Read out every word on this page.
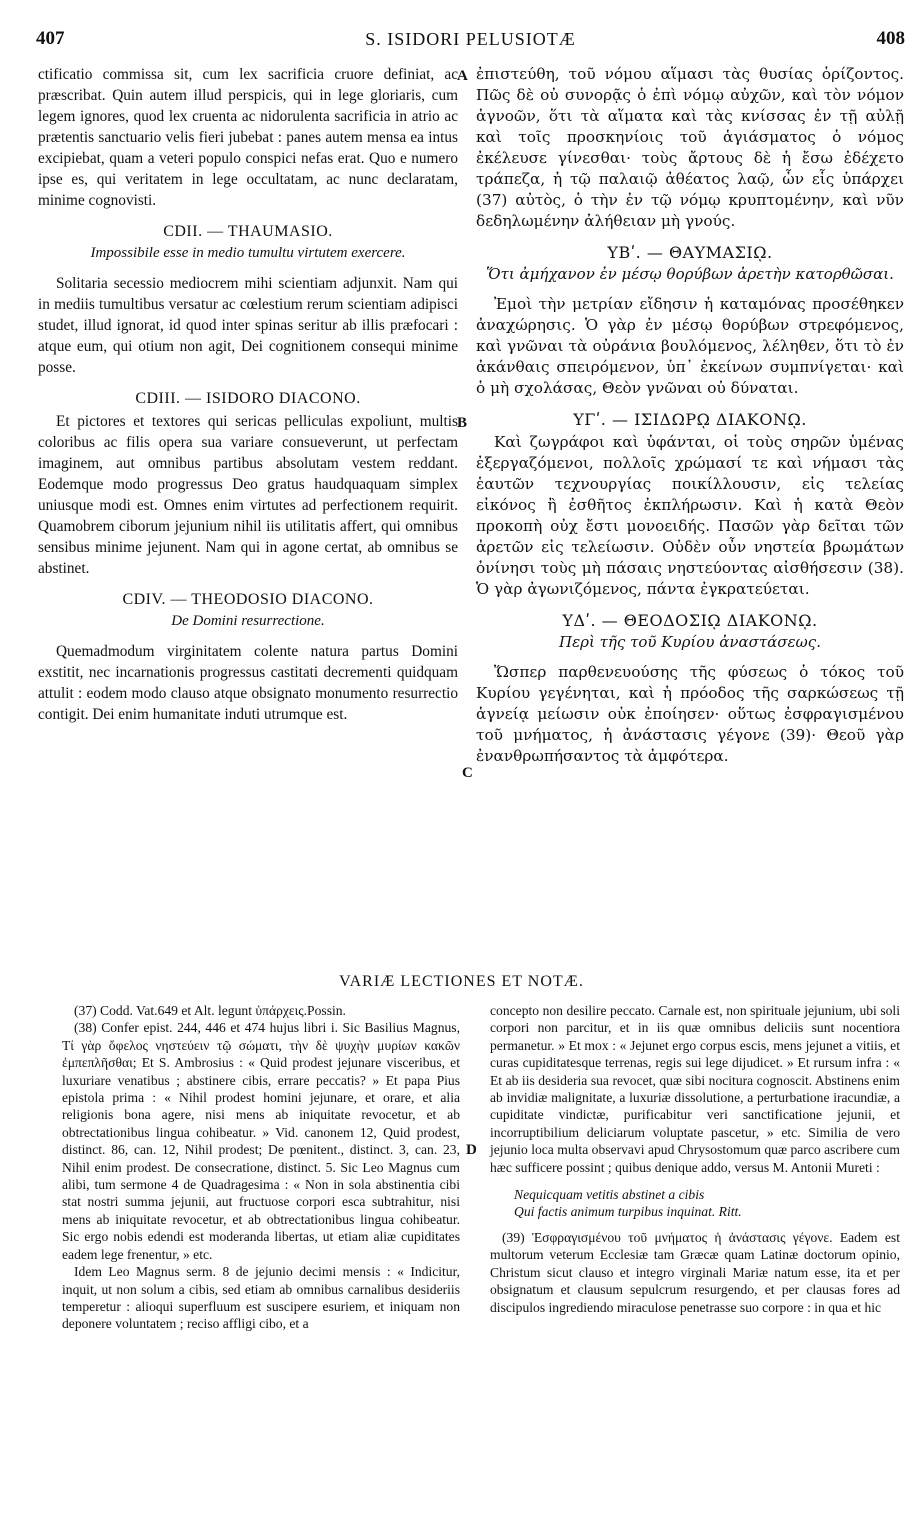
407	S. ISIDORI PELUSIOTÆ	408
A
B
C
D

ctificatio commissa sit, cum lex sacrificia cruore definiat, ac præscribat. Quin autem illud perspicis, qui in lege gloriaris, cum legem ignores, quod lex cruenta ac nidorulenta sacrificia in atrio ac prætentis sanctuario velis fieri jubebat : panes autem mensa ea intus excipiebat, quam a veteri populo conspici nefas erat. Quo e numero ipse es, qui veritatem in lege occultatam, ac nunc declaratam, minime cognovisti.

CDII. — THAUMASIO.
Impossibile esse in medio tumultu virtutem exercere.

Solitaria secessio mediocrem mihi scientiam adjunxit. Nam qui in mediis tumultibus versatur ac cœlestium rerum scientiam adipisci studet, illud ignorat, id quod inter spinas seritur ab illis præfocari : atque eum, qui otium non agit, Dei cognitionem consequi minime posse.

CDIII. — ISIDORO DIACONO.

Et pictores et textores qui sericas pelliculas expoliunt, multis coloribus ac filis opera sua variare consueverunt, ut perfectam imaginem, aut omnibus partibus absolutam vestem reddant. Eodemque modo progressus Deo gratus haudquaquam simplex uniusque modi est. Omnes enim virtutes ad perfectionem requirit. Quamobrem ciborum jejunium nihil iis utilitatis affert, qui omnibus sensibus minime jejunent. Nam qui in agone certat, ab omnibus se abstinet.

CDIV. — THEODOSIO DIACONO.
De Domini resurrectione.

Quemadmodum virginitatem colente natura partus Domini exstitit, nec incarnationis progressus castitati decrementi quidquam attulit : eodem modo clauso atque obsignato monumento resurrectio contigit. Dei enim humanitate induti utrumque est.

ἐπιστεύθη, τοῦ νόμου αἵμασι τὰς θυσίας ὁρίζοντος. Πῶς δὲ οὐ συνορᾷς ὁ ἐπὶ νόμῳ αὐχῶν, καὶ τὸν νόμον ἀγνοῶν, ὅτι τὰ αἵματα καὶ τὰς κνίσσας ἐν τῇ αὐλῇ καὶ τοῖς προσκηνίοις τοῦ ἁγιάσματος ὁ νόμος ἐκέλευσε γίνεσθαι· τοὺς ἄρτους δὲ ἡ ἔσω ἐδέχετο τράπεζα, ἡ τῷ παλαιῷ ἀθέατος λαῷ, ὧν εἷς ὑπάρχει (37) αὐτὸς, ὁ τὴν ἐν τῷ νόμῳ κρυπτομένην, καὶ νῦν δεδηλωμένην ἀλήθειαν μὴ γνούς.

ΥΒʹ. — ΘΑΥΜΑΣΙῼ.
Ὅτι ἀμήχανον ἐν μέσῳ θορύβων ἀρετὴν κατορθῶσαι.

Ἐμοὶ τὴν μετρίαν εἴδησιν ἡ καταμόνας προσέθηκεν ἀναχώρησις. Ὁ γὰρ ἐν μέσῳ θορύβων στρεφόμενος, καὶ γνῶναι τὰ οὐράνια βουλόμενος, λέληθεν, ὅτι τὸ ἐν ἀκάνθαις σπειρόμενον, ὑπ᾽ ἐκείνων συμπνίγεται· καὶ ὁ μὴ σχολάσας, Θεὸν γνῶναι οὐ δύναται.

ΥΓʹ. — ΙΣΙΔΩΡῼ ΔΙΑΚΟΝῼ.

Καὶ ζωγράφοι καὶ ὑφάνται, οἱ τοὺς σηρῶν ὑμένας ἐξεργαζόμενοι, πολλοῖς χρώμασί τε καὶ νήμασι τὰς ἑαυτῶν τεχνουργίας ποικίλλουσιν, εἰς τελείας εἰκόνος ἢ ἐσθῆτος ἐκπλήρωσιν. Καὶ ἡ κατὰ Θεὸν προκοπὴ οὐχ ἔστι μονοειδής. Πασῶν γὰρ δεῖται τῶν ἀρετῶν εἰς τελείωσιν. Οὐδὲν οὖν νηστεία βρωμάτων ὀνίνησι τοὺς μὴ πάσαις νηστεύοντας αἰσθήσεσιν (38). Ὁ γὰρ ἀγωνιζόμενος, πάντα ἐγκρατεύεται.

ΥΔʹ. — ΘΕΟΔΟΣΙῼ ΔΙΑΚΟΝῼ.
Περὶ τῆς τοῦ Κυρίου ἀναστάσεως.

Ὥσπερ παρθενευούσης τῆς φύσεως ὁ τόκος τοῦ Κυρίου γεγένηται, καὶ ἡ πρόοδος τῆς σαρκώσεως τῇ ἁγνείᾳ μείωσιν οὐκ ἐποίησεν· οὕτως ἐσφραγισμένου τοῦ μνήματος, ἡ ἀνάστασις γέγονε (39)· Θεοῦ γὰρ ἐνανθρωπήσαντος τὰ ἀμφότερα.

VARIÆ LECTIONES ET NOTÆ.

(37) Codd. Vat.649 et Alt. legunt ὑπάρχεις.Possin.

(38) Confer epist. 244, 446 et 474 hujus libri i. Sic Basilius Magnus, Τί γὰρ ὄφελος νηστεύειν τῷ σώματι, τὴν δὲ ψυχὴν μυρίων κακῶν ἐμπεπλῆσθαι; Et S. Ambrosius : « Quid prodest jejunare visceribus, et luxuriare venatibus ; abstinere cibis, errare peccatis? » Et papa Pius epistola prima : « Nihil prodest homini jejunare, et orare, et alia religionis bona agere, nisi mens ab iniquitate revocetur, et ab obtrectationibus lingua cohibeatur. » Vid. canonem 12, Quid prodest, distinct. 86, can. 12, Nihil prodest; De pœnitent., distinct. 3, can. 23, Nihil enim prodest. De consecratione, distinct. 5. Sic Leo Magnus cum alibi, tum sermone 4 de Quadragesima : « Non in sola abstinentia cibi stat nostri summa jejunii, aut fructuose corpori esca subtrahitur, nisi mens ab iniquitate revocetur, et ab obtrectationibus lingua cohibeatur. Sic ergo nobis edendi est moderanda libertas, ut etiam aliæ cupiditates eadem lege frenentur, » etc.

Idem Leo Magnus serm. 8 de jejunio decimi mensis : « Indicitur, inquit, ut non solum a cibis, sed etiam ab omnibus carnalibus desideriis temperetur : alioqui superfluum est suscipere esuriem, et iniquam non deponere voluntatem ; reciso affligi cibo, et a

concepto non desilire peccato. Carnale est, non spirituale jejunium, ubi soli corpori non parcitur, et in iis quæ omnibus deliciis sunt nocentiora permanetur. » Et mox : « Jejunet ergo corpus escis, mens jejunet a vitiis, et curas cupiditatesque terrenas, regis sui lege dijudicet. » Et rursum infra : « Et ab iis desideria sua revocet, quæ sibi nocitura cognoscit. Abstinens enim ab invidiæ malignitate, a luxuriæ dissolutione, a perturbatione iracundiæ, a cupiditate vindictæ, purificabitur veri sanctificatione jejunii, et incorruptibilium deliciarum voluptate pascetur, » etc. Similia de vero jejunio loca multa observavi apud Chrysostomum quæ parco ascribere cum hæc sufficere possint ; quibus denique addo, versus M. Antonii Mureti :

Nequicquam vetitis abstinet a cibis
Qui factis animum turpibus inquinat. Ritt.

(39) Ἐσφραγισμένου τοῦ μνήματος ἡ ἀνάστασις γέγονε. Eadem est multorum veterum Ecclesiæ tam Græcæ quam Latinæ doctorum opinio, Christum sicut clauso et integro virginali Mariæ natum esse, ita et per obsignatum et clausum sepulcrum resurgendo, et per clausas fores ad discipulos ingrediendo miraculose penetrasse suo corpore : in qua et hic
